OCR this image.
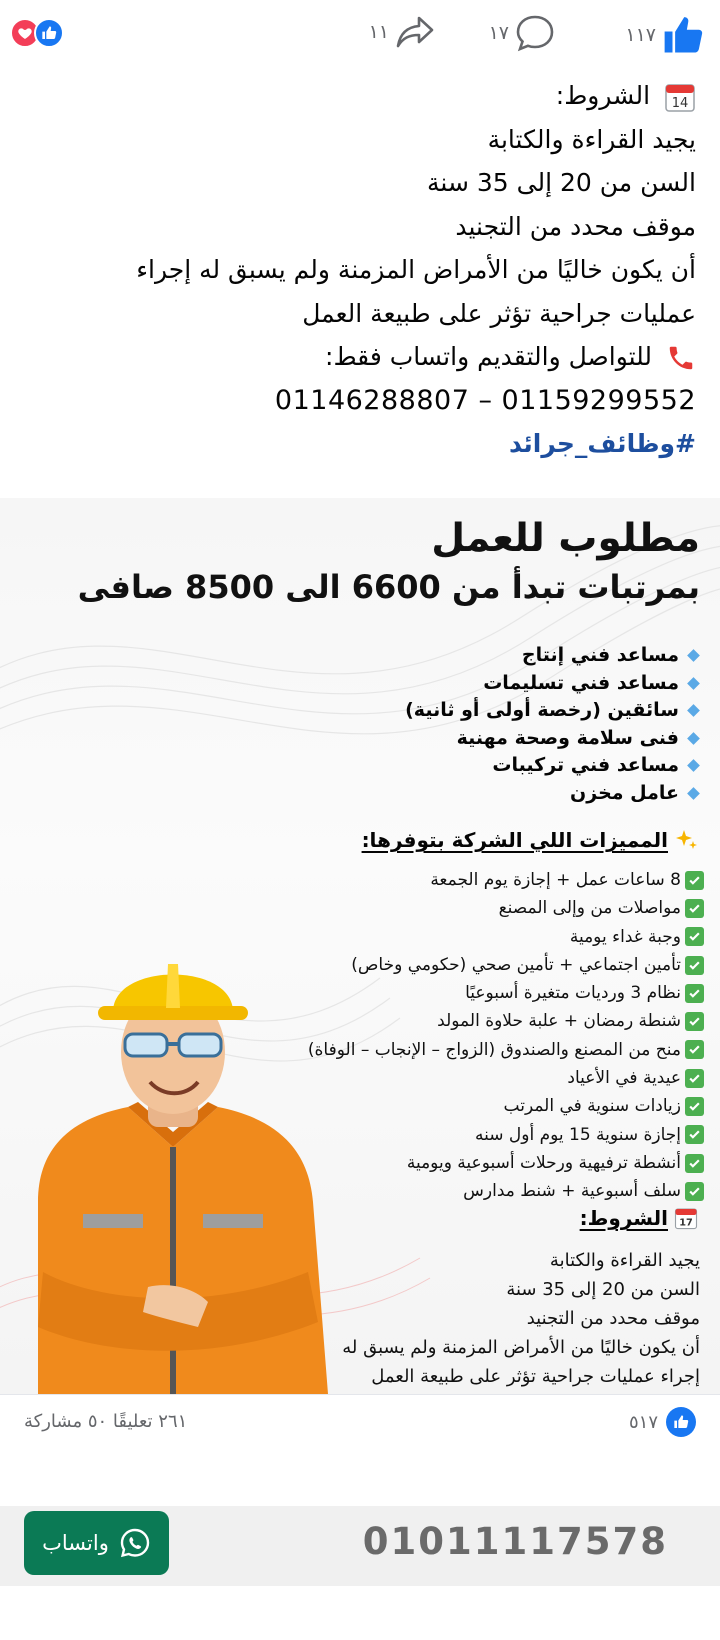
١١	١٧	١١٧
14
الشروط:
يجيد القراءة والكتابة
السن من 20 إلى 35 سنة
موقف محدد من التجنيد
أن يكون خاليًا من الأمراض المزمنة ولم يسبق له إجراء
عمليات جراحية تؤثر على طبيعة العمل
للتواصل والتقديم واتساب فقط:
01146288807 – 01159299552
#وظائف_جرائد
مطلوب للعمل
بمرتبات تبدأ من 6600 الى 8500 صافى
مساعد فني إنتاج
مساعد فني تسليمات
سائقين (رخصة أولى أو ثانية)
فنى سلامة وصحة مهنية
مساعد فني تركيبات
عامل مخزن
المميزات اللي الشركة بتوفرها:
8 ساعات عمل + إجازة يوم الجمعة
مواصلات من وإلى المصنع
وجبة غداء يومية
تأمين اجتماعي + تأمين صحي (حكومي وخاص)
نظام 3 ورديات متغيرة أسبوعيًا
شنطة رمضان + علبة حلاوة المولد
منح من المصنع والصندوق (الزواج – الإنجاب – الوفاة)
عيدية في الأعياد
زيادات سنوية في المرتب
إجازة سنوية 15 يوم أول سنه
أنشطة ترفيهية ورحلات أسبوعية ويومية
سلف أسبوعية + شنط مدارس
17
الشروط:
يجيد القراءة والكتابة
السن من 20 إلى 35 سنة
موقف محدد من التجنيد
أن يكون خاليًا من الأمراض المزمنة ولم يسبق له
إجراء عمليات جراحية تؤثر على طبيعة العمل
٢٦١ تعليقًا ٥٠ مشاركة	٥١٧
واتساب	01011117578
